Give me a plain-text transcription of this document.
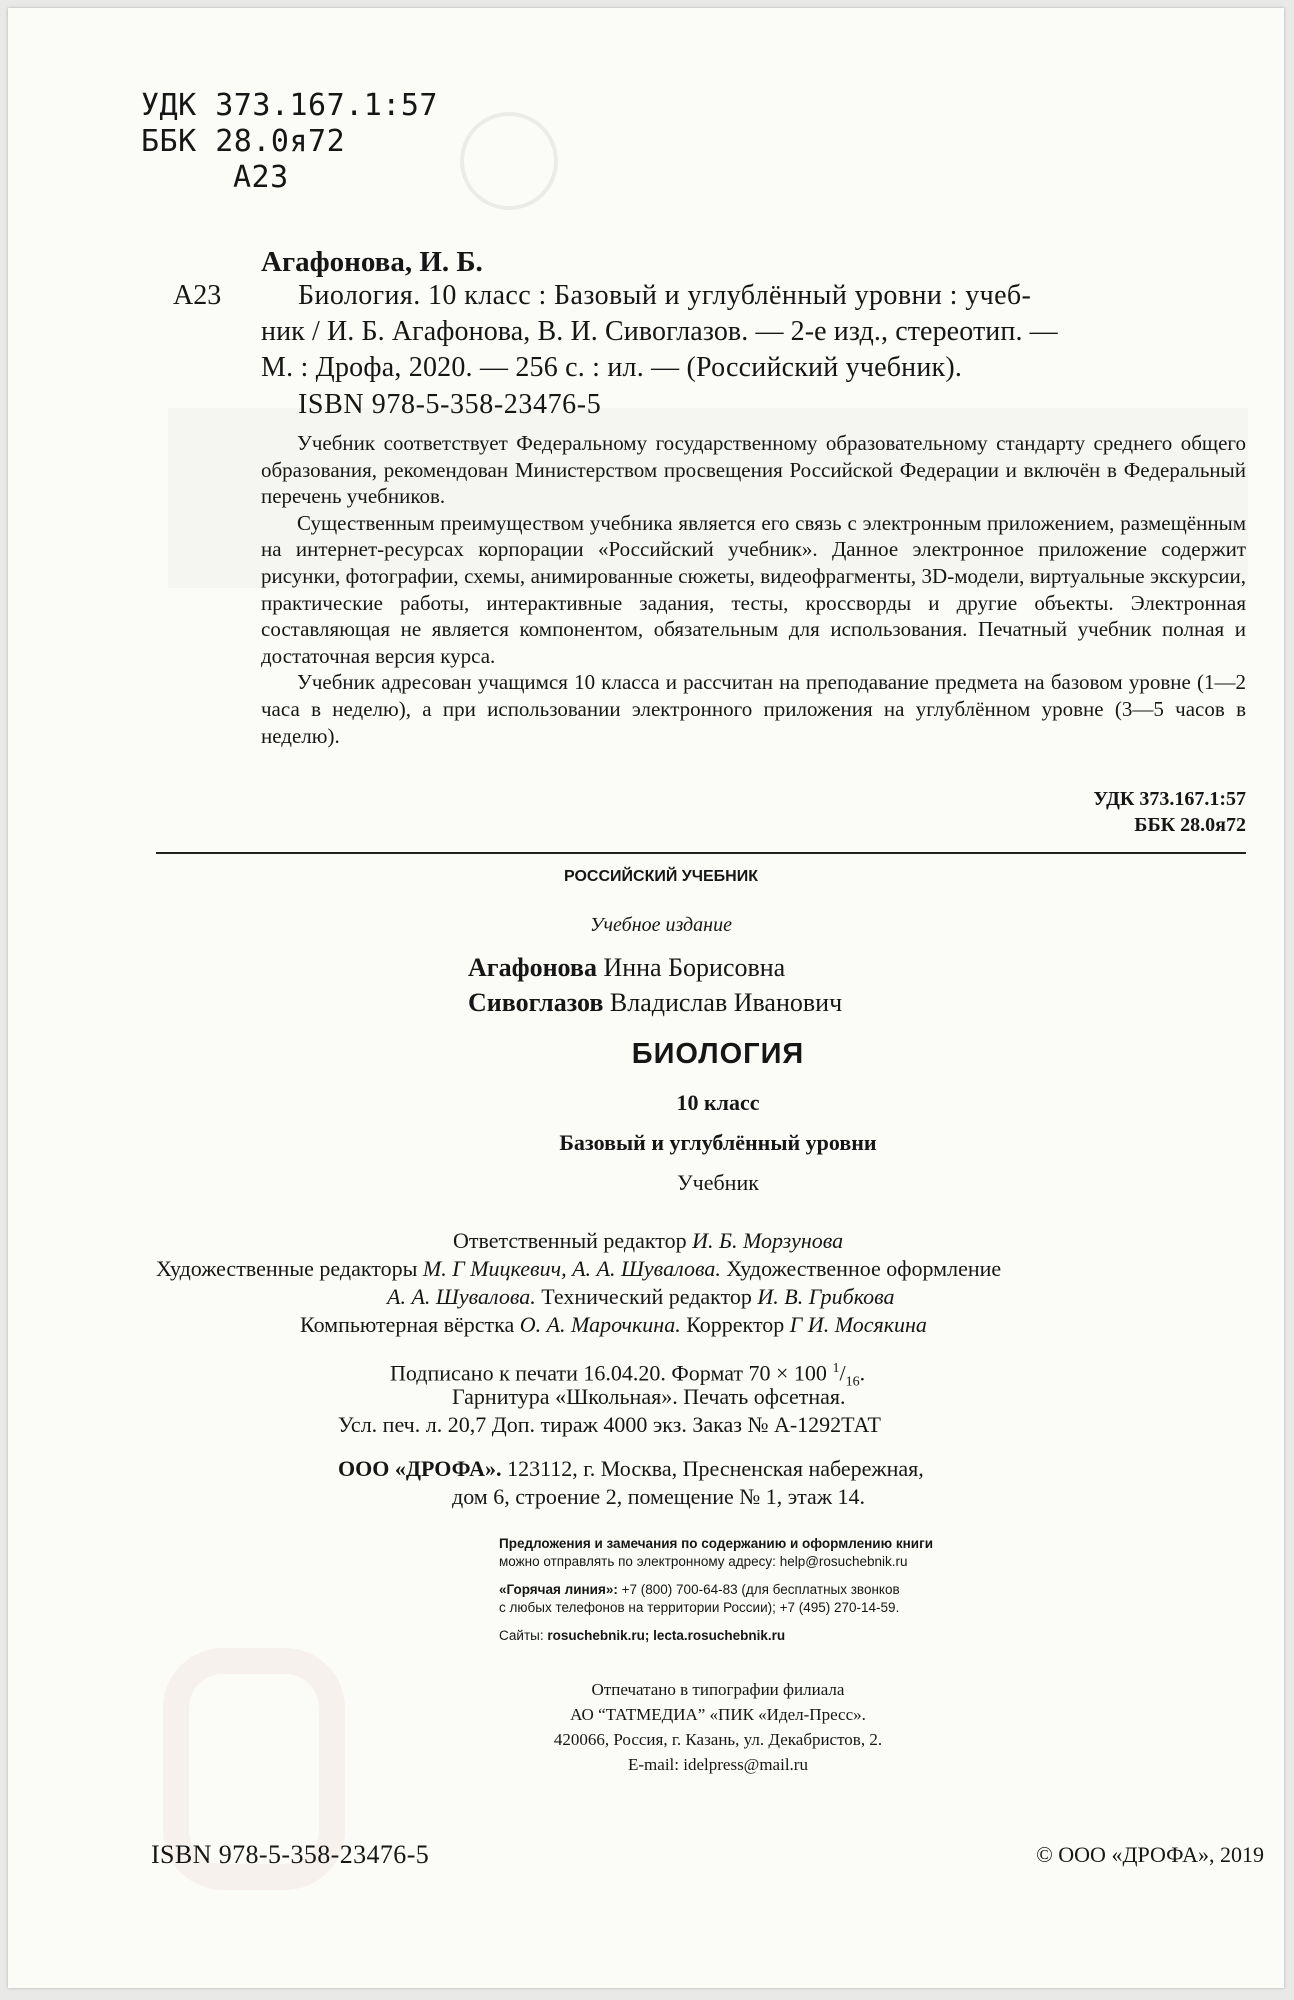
УДК 373.167.1:57
ББК 28.0я72
А23
Агафонова, И. Б.
А23	Биология. 10 класс : Базовый и углублённый уровни : учеб-
ник / И. Б. Агафонова, В. И. Сивоглазов. — 2-е изд., стереотип. —
М. : Дрофа, 2020. — 256 с. : ил. — (Российский учебник).
ISBN 978-5-358-23476-5

Учебник соответствует Федеральному государственному образовательному стандарту среднего общего образования, рекомендован Министерством просвещения Российской Федерации и включён в Федеральный перечень учебников.

Существенным преимуществом учебника является его связь с электронным приложением, размещённым на интернет-ресурсах корпорации «Российский учебник». Данное электронное приложение содержит рисунки, фотографии, схемы, анимированные сюжеты, видеофрагменты, 3D-модели, виртуальные экскурсии, практические работы, интерактивные задания, тесты, кроссворды и другие объекты. Электронная составляющая не является компонентом, обязательным для использования. Печатный учебник полная и достаточная версия курса.

Учебник адресован учащимся 10 класса и рассчитан на преподавание предмета на базовом уровне (1—2 часа в неделю), а при использовании электронного приложения на углублённом уровне (3—5 часов в неделю).

УДК 373.167.1:57
ББК 28.0я72
РОССИЙСКИЙ УЧЕБНИК
Учебное издание
Агафонова Инна Борисовна
Сивоглазов Владислав Иванович
БИОЛОГИЯ
10 класс
Базовый и углублённый уровни
Учебник
Ответственный редактор И. Б. Морзунова
Художественные редакторы М. Г Мицкевич, А. А. Шувалова. Художественное оформление
А. А. Шувалова. Технический редактор И. В. Грибкова
Компьютерная вёрстка О. А. Марочкина. Корректор Г И. Мосякина
Подписано к печати 16.04.20. Формат 70 × 100 $^1/_{16}$.
Гарнитура «Школьная». Печать офсетная.
Усл. печ. л. 20,7 Доп. тираж 4000 экз. Заказ № А-1292ТАТ
ООО «ДРОФА». 123112, г. Москва, Пресненская набережная,
дом 6, строение 2, помещение № 1, этаж 14.
Предложения и замечания по содержанию и оформлению книги
можно отправлять по электронному адресу: help@rosuchebnik.ru
«Горячая линия»: +7 (800) 700-64-83 (для бесплатных звонков
с любых телефонов на территории России); +7 (495) 270-14-59.
Сайты: rosuchebnik.ru; lecta.rosuchebnik.ru
Отпечатано в типографии филиала
АО “ТАТМЕДИА” «ПИК «Идел-Пресс».
420066, Россия, г. Казань, ул. Декабристов, 2.
E-mail: idelpress@mail.ru
ISBN 978-5-358-23476-5	© ООО «ДРОФА», 2019
